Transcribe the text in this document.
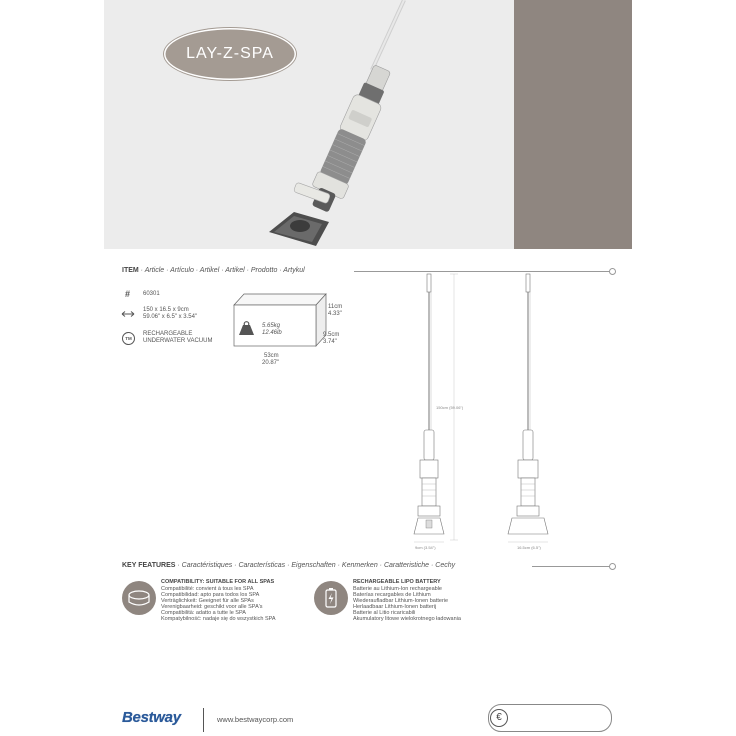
LAY-Z-SPA
ITEM · Article · Artículo · Artikel · Artikel · Prodotto · Artykul
# 60301
150 x 16.5 x 9cm
59.06" x 6.5" x 3.54"
TM
RECHARGEABLE
UNDERWATER VACUUM
5.65kg
12.46lb
11cm
4.33"
9.5cm
3.74"
53cm
20.87"
150cm (59.06")
9cm (3.54")	16.5cm (6.5")
KEY FEATURES · Caractéristiques · Características · Eigenschaften · Kenmerken · Caratteristiche · Cechy
COMPATIBILITY: SUITABLE FOR ALL SPAS
Compatibilité: convient à tous les SPA
Compatibilidad: apto para todos los SPA
Verträglichkeit: Geeignet für alle SPAs
Verenigbaarheid: geschikt voor alle SPA's
Compatibilità: adatto a tutte le SPA
Kompatybilność: nadaje się do wszystkich SPA
RECHARGEABLE LIPO BATTERY
Batterie au Lithium-Ion rechargeable
Baterías recargables de Lithium
Wiederaufladbar Lithium-Ionen batterie
Herlaadbaar Lithium-Ionen batterij
Batterie al Litio ricaricabili
Akumulatory litowe wielokrotnego ładowania
Bestway	www.bestwaycorp.com	€
